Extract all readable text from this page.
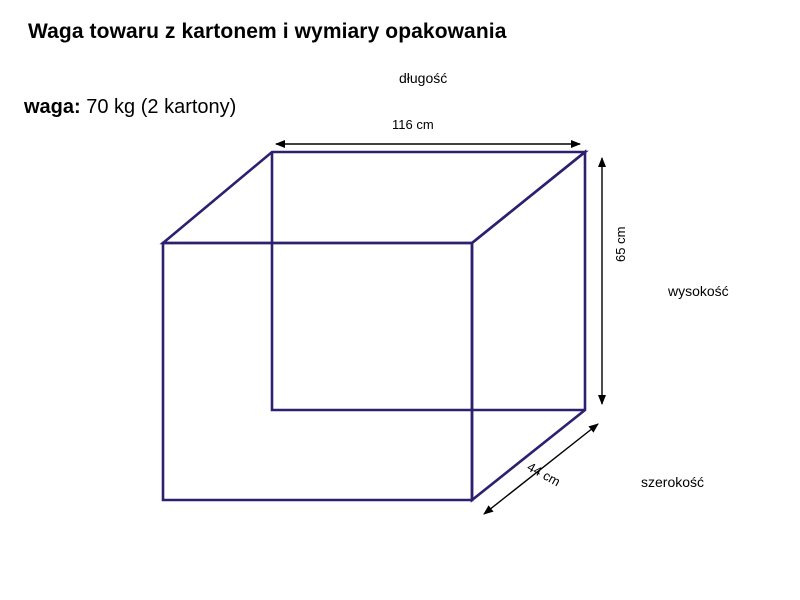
Waga towaru z kartonem i wymiary opakowania
waga: 70 kg (2 kartony)
długość
wysokość
szerokość
116 cm
65 cm
44 cm
